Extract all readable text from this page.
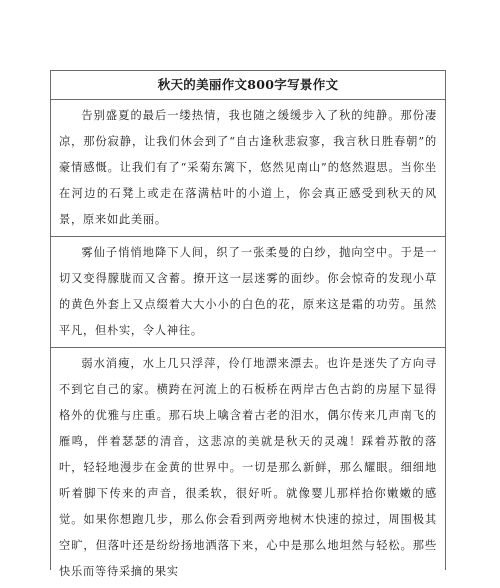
秋天的美丽作文800字写景作文
告别盛夏的最后一缕热情，我也随之缓缓步入了秋的纯静。那份凄凉，那份寂静，让我们休会到了“自古逢秋悲寂寥，我言秋日胜春朝”的豪情感慨。让我们有了“采菊东篱下，悠然见南山”的悠然遐思。当你坐在河边的石凳上或走在落满枯叶的小道上，你会真正感受到秋天的风景，原来如此美丽。
雾仙子悄悄地降下人间，织了一张柔曼的白纱，抛向空中。于是一切又变得朦胧而又含蓄。撩开这一层迷雾的面纱。你会惊奇的发现小草的黄色外套上又点缀着大大小小的白色的花，原来这是霜的功劳。虽然平凡，但朴实，令人神往。
弱水消瘦，水上几只浮萍，伶仃地漂来漂去。也许是迷失了方向寻不到它自己的家。横跨在河流上的石板桥在两岸古色古韵的房屋下显得格外的优雅与庄重。那石块上噙含着古老的泪水，偶尔传来几声南飞的雁鸣，伴着瑟瑟的清音，这悲凉的美就是秋天的灵魂！踩着苏散的落叶，轻轻地漫步在金黄的世界中。一切是那么新鲜，那么耀眼。细细地听着脚下传来的声音，很柔软，很好听。就像婴儿那样拾你嫩嫩的感觉。如果你想跑几步，那么你会看到两旁地树木快速的掠过，周围极其空旷，但落叶还是纷纷扬地洒落下来，心中是那么地坦然与轻松。那些快乐而等待采摘的果实
